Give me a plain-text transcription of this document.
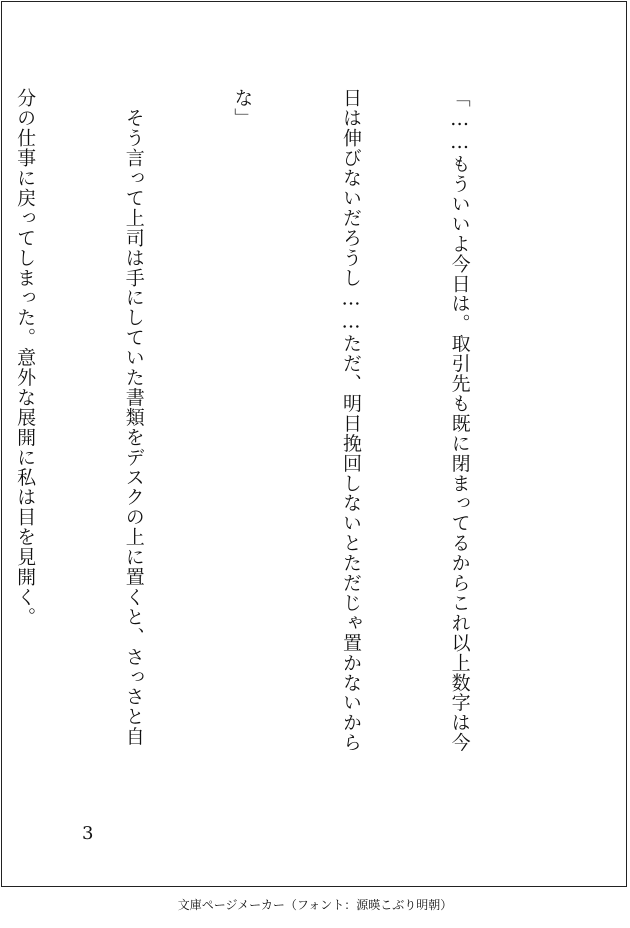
「……もういいよ今日は。取引先も既に閉まってるからこれ以上数字は今

日は伸びないだろうし……ただ、明日挽回しないとただじゃ置かないから

な」

　そう言って上司は手にしていた書類をデスクの上に置くと、さっさと自

分の仕事に戻ってしまった。意外な展開に私は目を見開く。

3
文庫ページメーカー（フォント：源暎こぶり明朝）
